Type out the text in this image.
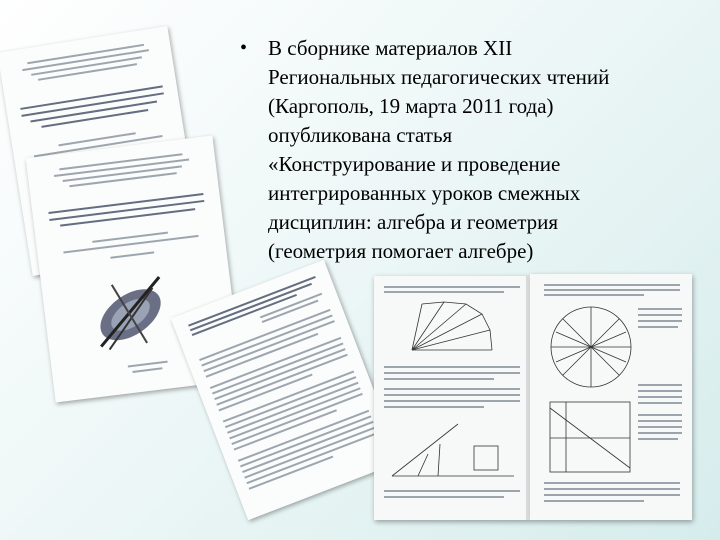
• В сборнике материалов XII
Региональных педагогических чтений
(Каргополь, 19 марта 2011 года)
опубликована статья
«Конструирование и проведение
интегрированных уроков смежных
дисциплин: алгебра и геометрия
(геометрия помогает алгебре)
